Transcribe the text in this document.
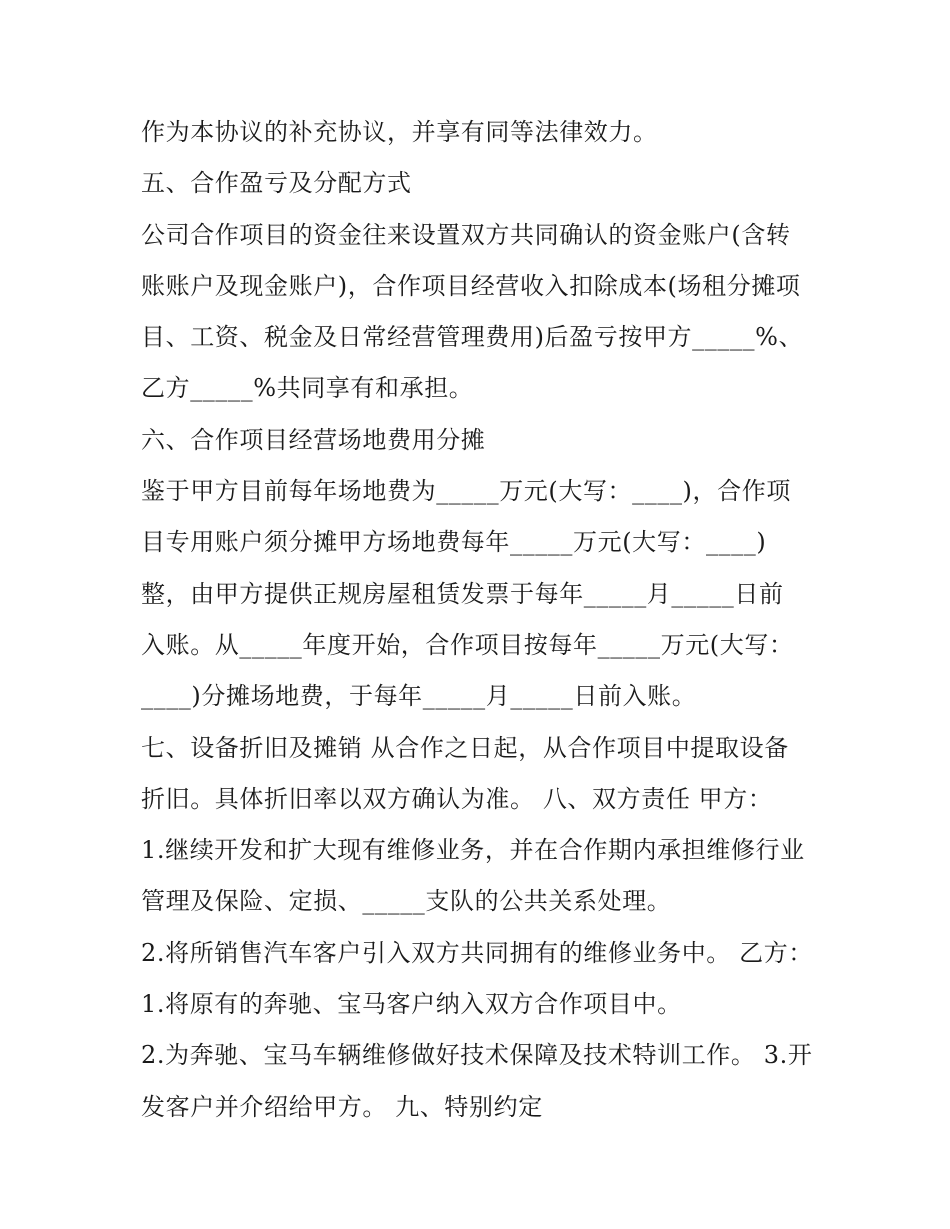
作为本协议的补充协议，并享有同等法律效力。
五、合作盈亏及分配方式
公司合作项目的资金往来设置双方共同确认的资金账户(含转
账账户及现金账户)，合作项目经营收入扣除成本(场租分摊项
目、工资、税金及日常经营管理费用)后盈亏按甲方_____%、
乙方_____%共同享有和承担。
六、合作项目经营场地费用分摊
鉴于甲方目前每年场地费为_____万元(大写：____)，合作项
目专用账户须分摊甲方场地费每年_____万元(大写：____)
整，由甲方提供正规房屋租赁发票于每年_____月_____日前
入账。从_____年度开始，合作项目按每年_____万元(大写：
____)分摊场地费，于每年_____月_____日前入账。
七、设备折旧及摊销 从合作之日起，从合作项目中提取设备
折旧。具体折旧率以双方确认为准。 八、双方责任 甲方：
1.继续开发和扩大现有维修业务，并在合作期内承担维修行业
管理及保险、定损、_____支队的公共关系处理。
2.将所销售汽车客户引入双方共同拥有的维修业务中。 乙方：
1.将原有的奔驰、宝马客户纳入双方合作项目中。
2.为奔驰、宝马车辆维修做好技术保障及技术特训工作。 3.开
发客户并介绍给甲方。 九、特别约定
